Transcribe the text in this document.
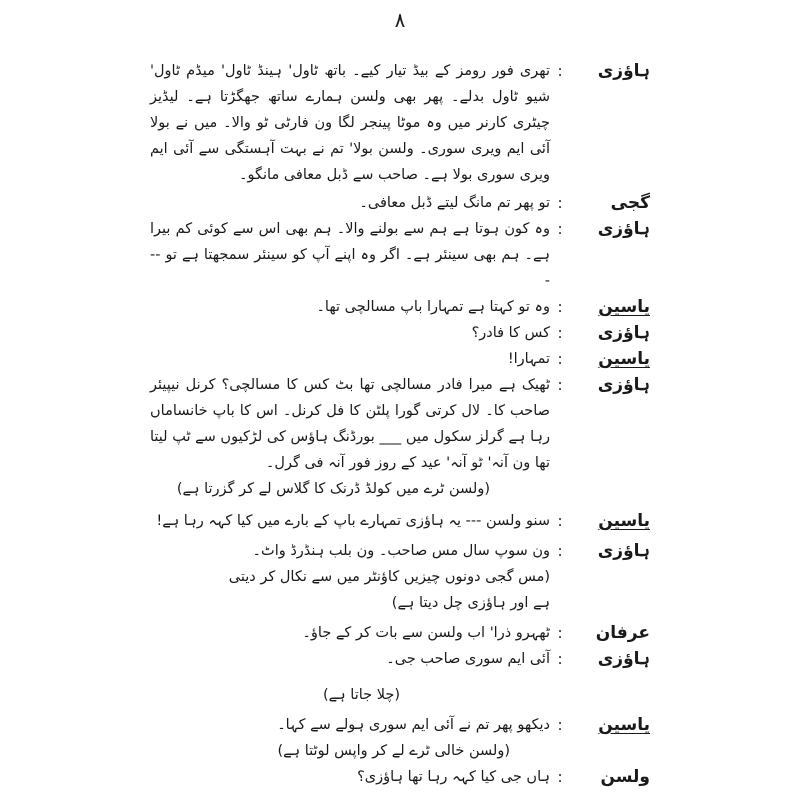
٨
ہاؤزی
:
تھری فور رومز کے بیڈ تیار کیے۔ باتھ ٹاول' ہینڈ ٹاول' میڈم ٹاول' شیو ٹاول بدلے۔ پھر بھی ولسن ہمارے ساتھ جھگڑتا ہے۔ لیڈیز چیٹری کارنر میں وہ موٹا پینجر لگا ون فارٹی ٹو والا۔ میں نے بولا آئی ایم ویری سوری۔ ولسن بولا' تم نے بہت آہستگی سے آئی ایم ویری سوری بولا ہے۔ صاحب سے ڈبل معافی مانگو۔
گجی
:
تو پھر تم مانگ لیتے ڈبل معافی۔
ہاؤزی
:
وہ کون ہوتا ہے ہم سے بولنے والا۔ ہم بھی اس سے کوئی کم بیرا ہے۔ ہم بھی سینئر ہے۔ اگر وہ اپنے آپ کو سینئر سمجھتا ہے تو ---
یاسین
:
وہ تو کہتا ہے تمہارا باپ مسالچی تھا۔
ہاؤزی
:
کس کا فادر؟
یاسین
:
تمہارا!
ہاؤزی
:
ٹھیک ہے میرا فادر مسالچی تھا بٹ کس کا مسالچی؟ کرنل نیپیئر صاحب کا۔ لال کرتی گورا پلٹن کا فل کرنل۔ اس کا باپ خانساماں رہا ہے گرلز سکول میں ___ بورڈنگ ہاؤس کی لڑکیوں سے ٹپ لیتا تھا ون آنہ' ٹو آنہ' عید کے روز فور آنہ فی گرل۔
(ولسن ٹرے میں کولڈ ڈرنک کا گلاس لے کر گزرتا ہے)
یاسین
:
سنو ولسن --- یہ ہاؤزی تمہارے باپ کے بارے میں کیا کہہ رہا ہے!
ہاؤزی
:
ون سوپ سال مس صاحب۔ ون بلب ہنڈرڈ واٹ۔
(مس گجی دونوں چیزیں کاؤنٹر میں سے نکال کر دیتی ہے اور ہاؤزی چل دیتا ہے)
عرفان
:
ٹھہرو ذرا' اب ولسن سے بات کر کے جاؤ۔
ہاؤزی
:
آئی ایم سوری صاحب جی۔
(چلا جاتا ہے)
یاسین
:
دیکھو پھر تم نے آئی ایم سوری ہولے سے کہا۔
(ولسن خالی ٹرے لے کر واپس لوٹتا ہے)
ولسن
:
ہاں جی کیا کہہ رہا تھا ہاؤزی؟
